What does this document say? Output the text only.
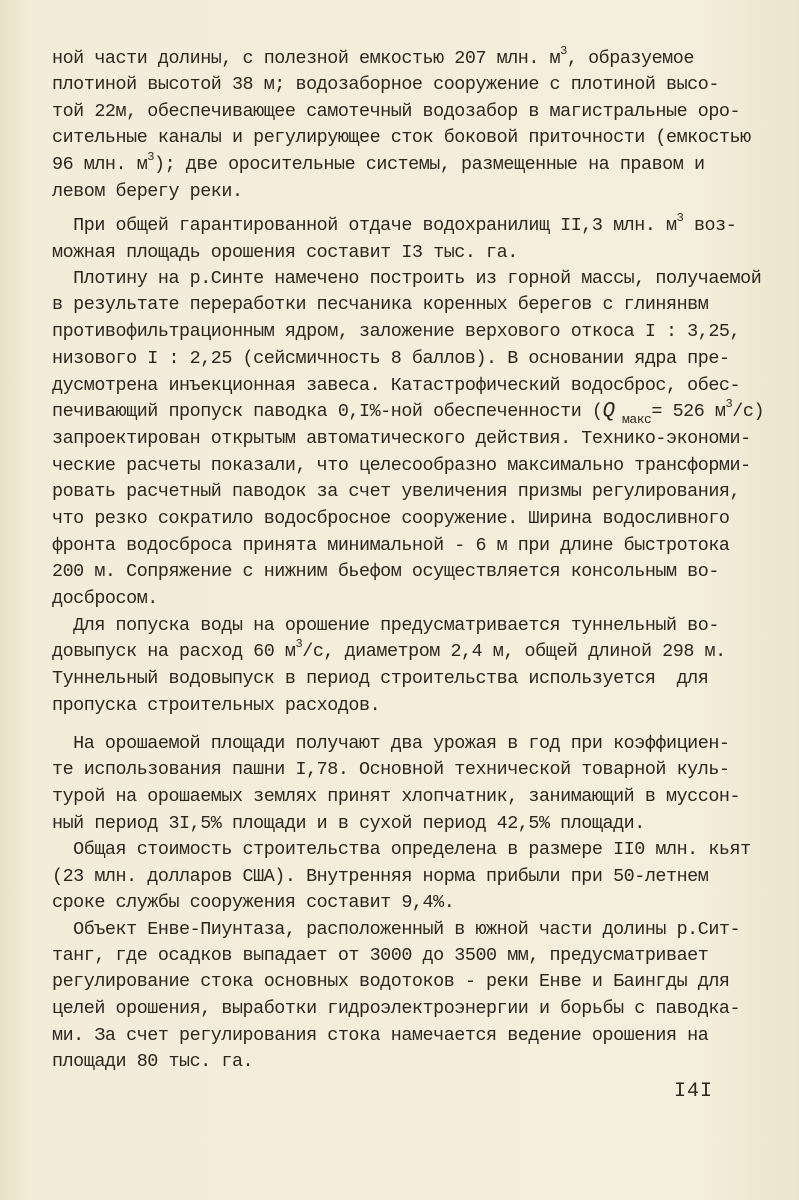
ной части долины, с полезной емкостью 207 млн. $м^3$, образуемое
плотиной высотой 38 м; водозаборное сооружение с плотиной высо-
той 22м, обеспечивающее самотечный водозабор в магистральные оро-
сительные каналы и регулирующее сток боковой приточности (емкостью
96 млн. $м^3$); две оросительные системы, размещенные на правом и
левом берегу реки.
При общей гарантированной отдаче водохранилищ II,3 млн. $м^3$ воз-
можная площадь орошения составит I3 тыс. га.
Плотину на р.Синте намечено построить из горной массы, получаемой
в результате переработки песчаника коренных берегов с глинянвм
противофильтрационным ядром, заложение верхового откоса I : 3,25,
низового I : 2,25 (сейсмичность 8 баллов). В основании ядра пре-
дусмотрена инъекционная завеса. Катастрофический водосброс, обес-
печивающий пропуск паводка 0,I%-ной обеспеченности (Q $_{макс}$= 526 $м^3/с$)
запроектирован открытым автоматического действия. Технико-экономи-
ческие расчеты показали, что целесообразно максимально трансформи-
ровать расчетный паводок за счет увеличения призмы регулирования,
что резко сократило водосбросное сооружение. Ширина водосливного
фронта водосброса принята минимальной - 6 м при длине быстротока
200 м. Сопряжение с нижним бьефом осуществляется консольным во-
досбросом.
Для попуска воды на орошение предусматривается туннельный во-
довыпуск на расход 60 $м^3/с$, диаметром 2,4 м, общей длиной 298 м.
Туннельный водовыпуск в период строительства используется  для
пропуска строительных расходов.
На орошаемой площади получают два урожая в год при коэффициен-
те использования пашни I,78. Основной технической товарной куль-
турой на орошаемых землях принят хлопчатник, занимающий в муссон-
ный период 3I,5% площади и в сухой период 42,5% площади.
Общая стоимость строительства определена в размере II0 млн. кьят
(23 млн. долларов США). Внутренняя норма прибыли при 50-летнем
сроке службы сооружения составит 9,4%.
Объект Енве-Пиунтаза, расположенный в южной части долины р.Сит-
танг, где осадков выпадает от 3000 до 3500 мм, предусматривает
регулирование стока основных водотоков - реки Енве и Баингды для
целей орошения, выработки гидроэлектроэнергии и борьбы с паводка-
ми. За счет регулирования стока намечается ведение орошения на
площади 80 тыс. га.
I4I
